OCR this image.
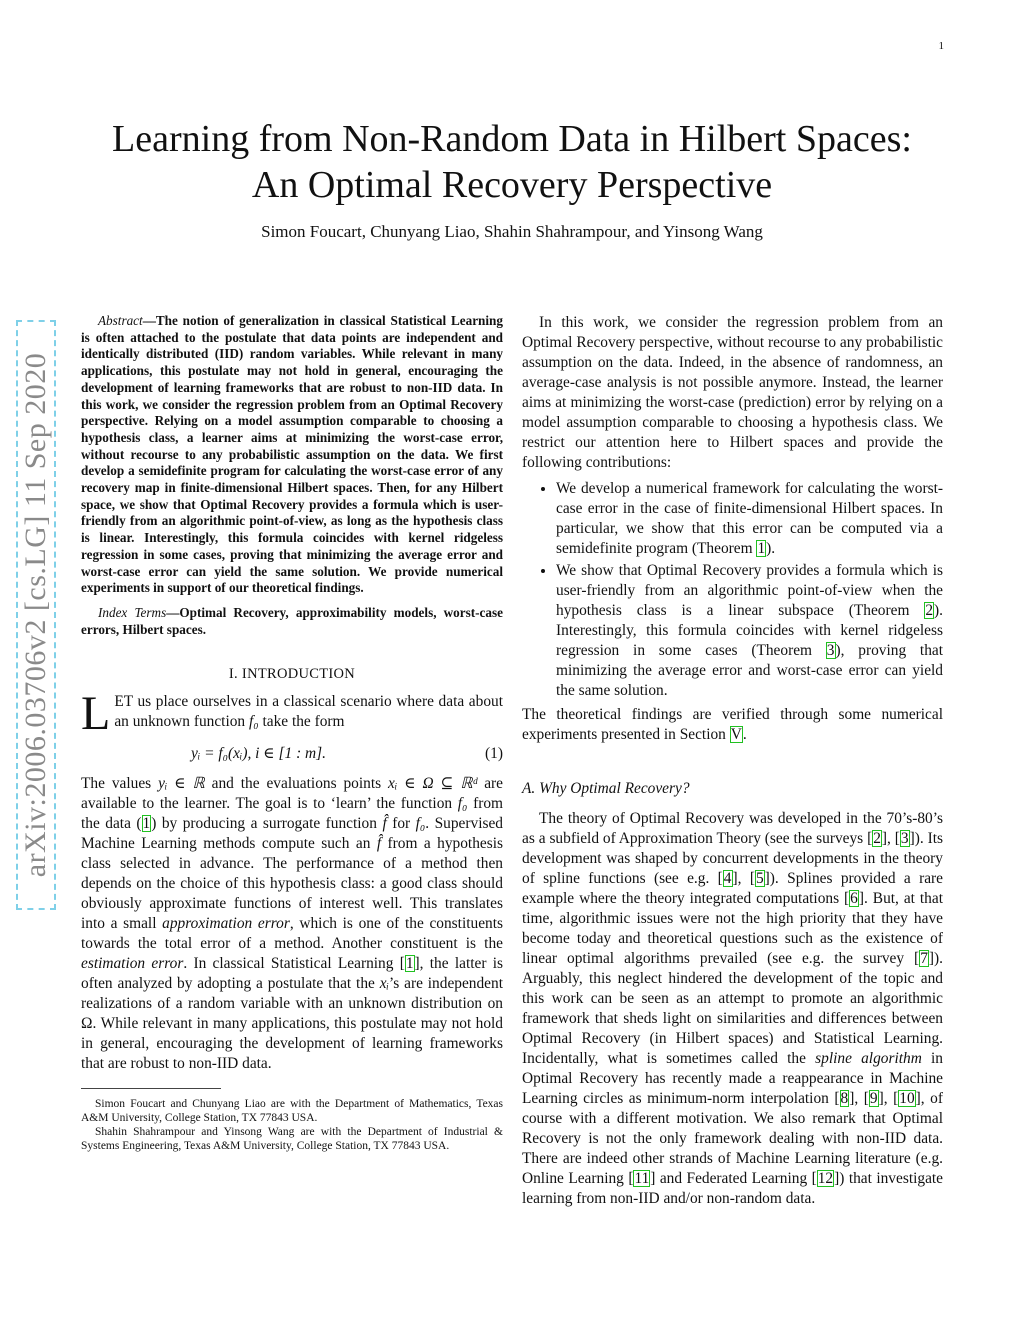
1
arXiv:2006.03706v2 [cs.LG] 11 Sep 2020
Learning from Non-Random Data in Hilbert Spaces:
An Optimal Recovery Perspective
Simon Foucart, Chunyang Liao, Shahin Shahrampour, and Yinsong Wang

Abstract—The notion of generalization in classical Statistical Learning is often attached to the postulate that data points are independent and identically distributed (IID) random variables. While relevant in many applications, this postulate may not hold in general, encouraging the development of learning frameworks that are robust to non-IID data. In this work, we consider the regression problem from an Optimal Recovery perspective. Relying on a model assumption comparable to choosing a hypothesis class, a learner aims at minimizing the worst-case error, without recourse to any probabilistic assumption on the data. We first develop a semidefinite program for calculating the worst-case error of any recovery map in finite-dimensional Hilbert spaces. Then, for any Hilbert space, we show that Optimal Recovery provides a formula which is user-friendly from an algorithmic point-of-view, as long as the hypothesis class is linear. Interestingly, this formula coincides with kernel ridgeless regression in some cases, proving that minimizing the average error and worst-case error can yield the same solution. We provide numerical experiments in support of our theoretical findings.

Index Terms—Optimal Recovery, approximability models, worst-case errors, Hilbert spaces.

I. INTRODUCTION

LET us place ourselves in a classical scenario where data about an unknown function f₀ take the form

yᵢ = f₀(xᵢ), i ∈ [1 : m].	(1)

The values yᵢ ∈ ℝ and the evaluations points xᵢ ∈ Ω ⊆ ℝᵈ are available to the learner. The goal is to ‘learn’ the function f₀ from the data (1) by producing a surrogate function f̂ for f₀. Supervised Machine Learning methods compute such an f̂ from a hypothesis class selected in advance. The performance of a method then depends on the choice of this hypothesis class: a good class should obviously approximate functions of interest well. This translates into a small approximation error, which is one of the constituents towards the total error of a method. Another constituent is the estimation error. In classical Statistical Learning [1], the latter is often analyzed by adopting a postulate that the xᵢ’s are independent realizations of a random variable with an unknown distribution on Ω. While relevant in many applications, this postulate may not hold in general, encouraging the development of learning frameworks that are robust to non-IID data.

Simon Foucart and Chunyang Liao are with the Department of Mathematics, Texas A&M University, College Station, TX 77843 USA.

Shahin Shahrampour and Yinsong Wang are with the Department of Industrial & Systems Engineering, Texas A&M University, College Station, TX 77843 USA.

In this work, we consider the regression problem from an Optimal Recovery perspective, without recourse to any probabilistic assumption on the data. Indeed, in the absence of randomness, an average-case analysis is not possible anymore. Instead, the learner aims at minimizing the worst-case (prediction) error by relying on a model assumption comparable to choosing a hypothesis class. We restrict our attention here to Hilbert spaces and provide the following contributions:

• We develop a numerical framework for calculating the worst-case error in the case of finite-dimensional Hilbert spaces. In particular, we show that this error can be computed via a semidefinite program (Theorem 1).
• We show that Optimal Recovery provides a formula which is user-friendly from an algorithmic point-of-view when the hypothesis class is a linear subspace (Theorem 2). Interestingly, this formula coincides with kernel ridgeless regression in some cases (Theorem 3), proving that minimizing the average error and worst-case error can yield the same solution.

The theoretical findings are verified through some numerical experiments presented in Section V.

A. Why Optimal Recovery?

The theory of Optimal Recovery was developed in the 70’s-80’s as a subfield of Approximation Theory (see the surveys [2], [3]). Its development was shaped by concurrent developments in the theory of spline functions (see e.g. [4], [5]). Splines provided a rare example where the theory integrated computations [6]. But, at that time, algorithmic issues were not the high priority that they have become today and theoretical questions such as the existence of linear optimal algorithms prevailed (see e.g. the survey [7]). Arguably, this neglect hindered the development of the topic and this work can be seen as an attempt to promote an algorithmic framework that sheds light on similarities and differences between Optimal Recovery (in Hilbert spaces) and Statistical Learning. Incidentally, what is sometimes called the spline algorithm in Optimal Recovery has recently made a reappearance in Machine Learning circles as minimum-norm interpolation [8], [9], [10], of course with a different motivation. We also remark that Optimal Recovery is not the only framework dealing with non-IID data. There are indeed other strands of Machine Learning literature (e.g. Online Learning [11] and Federated Learning [12]) that investigate learning from non-IID and/or non-random data.
